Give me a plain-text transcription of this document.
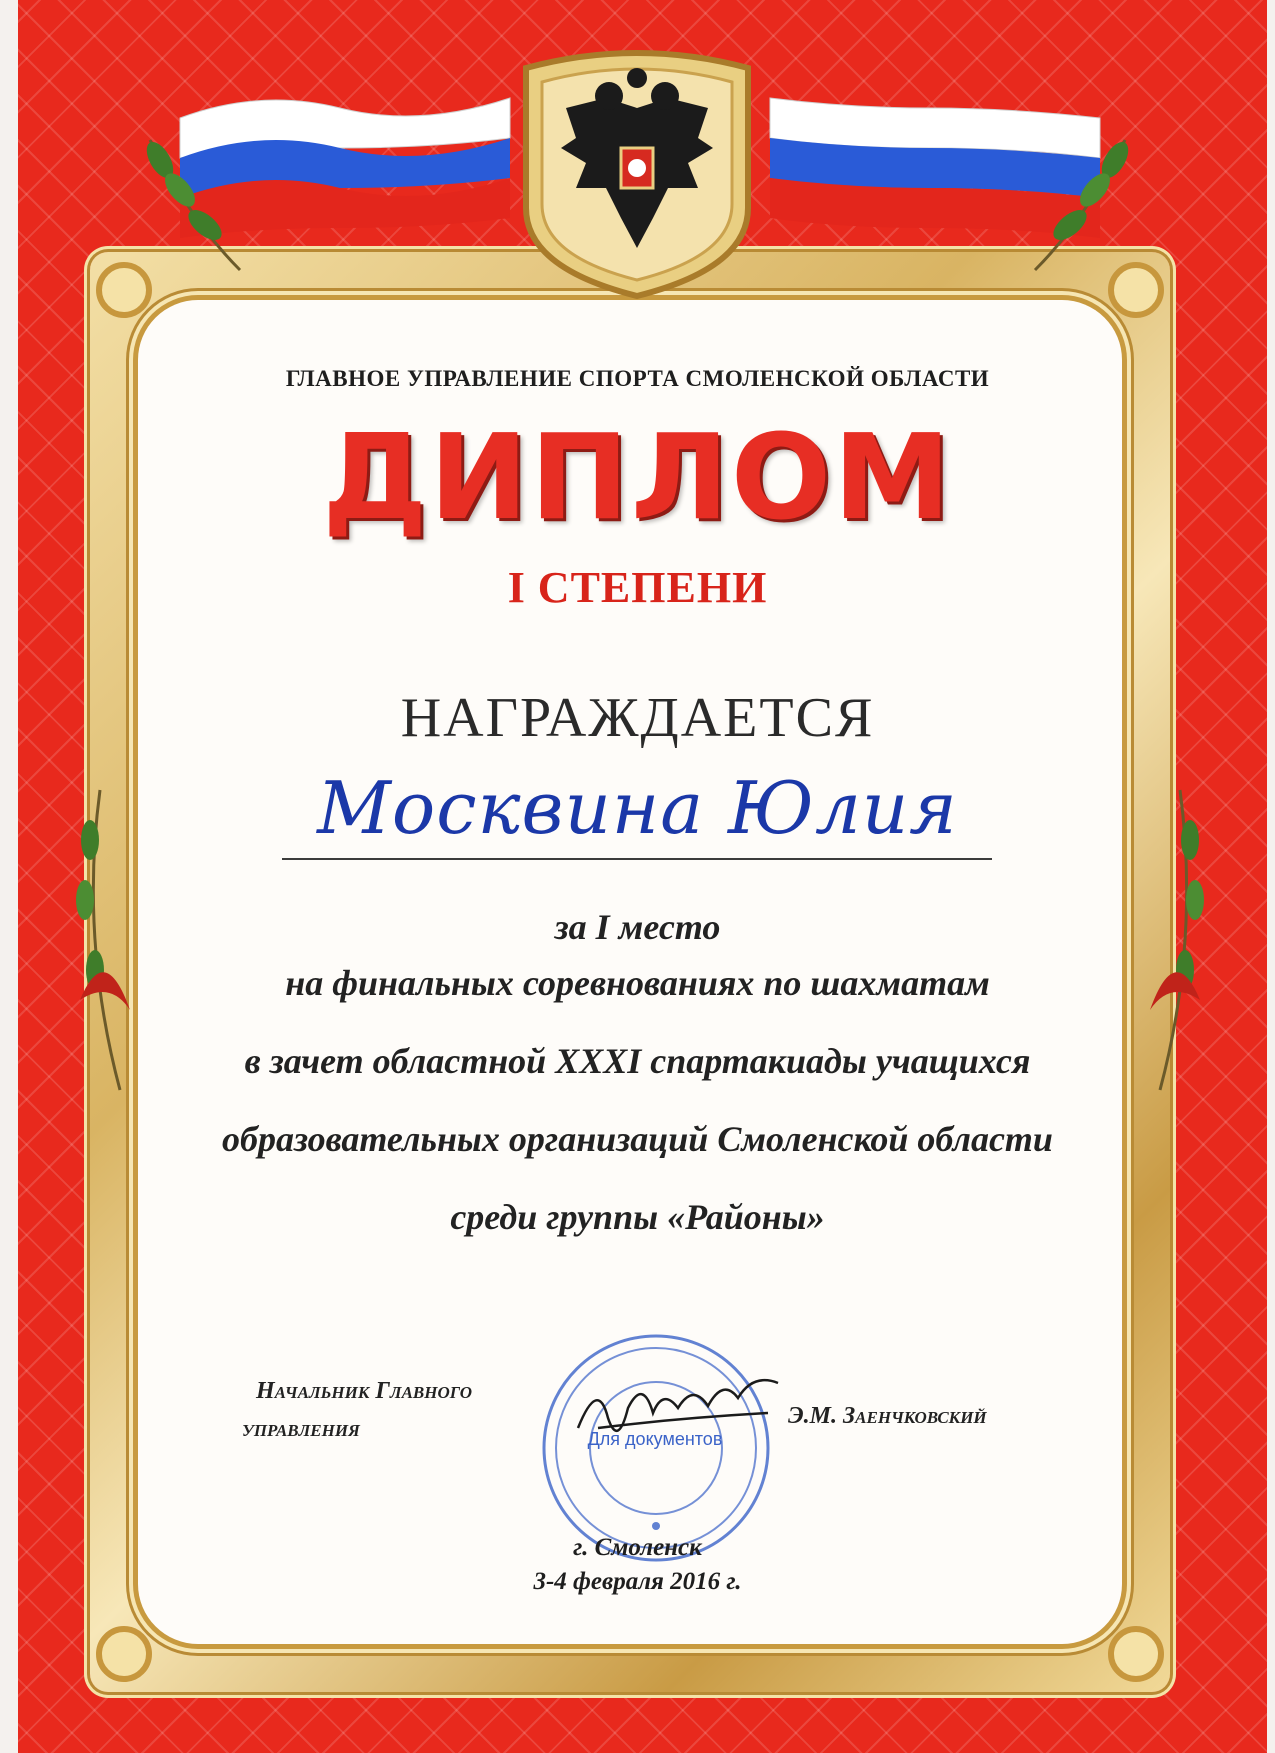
ГЛАВНОЕ УПРАВЛЕНИЕ СПОРТА СМОЛЕНСКОЙ ОБЛАСТИ
ДИПЛОМ
I СТЕПЕНИ
НАГРАЖДАЕТСЯ
Москвина Юлия
за I место
на финальных соревнованиях по шахматам
в зачет областной XXXI спартакиады учащихся
образовательных организаций Смоленской области
среди группы «Районы»
Для документов
Начальник Главного
управления	Э.М. Заенчковский
г. Смоленск
3-4 февраля 2016 г.
